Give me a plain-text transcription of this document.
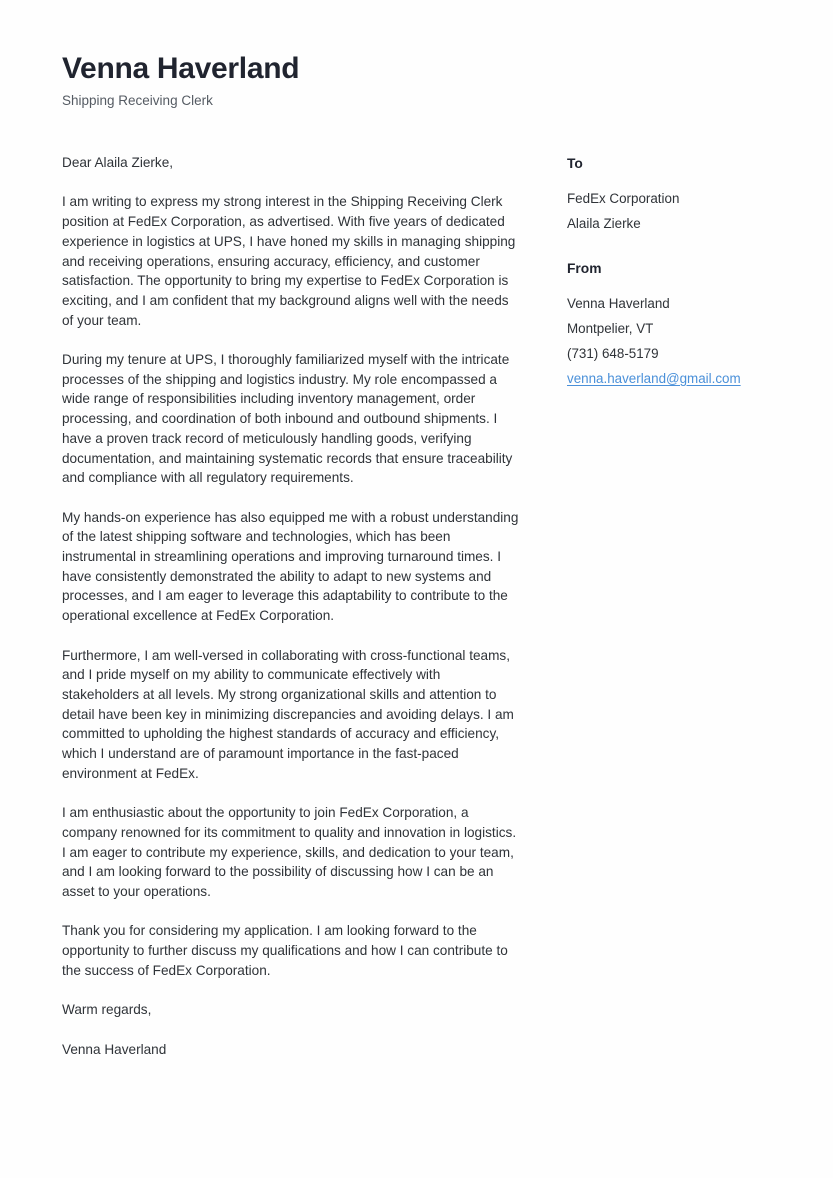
Venna Haverland

Shipping Receiving Clerk

Dear Alaila Zierke,

I am writing to express my strong interest in the Shipping Receiving Clerk position at FedEx Corporation, as advertised. With five years of dedicated experience in logistics at UPS, I have honed my skills in managing shipping and receiving operations, ensuring accuracy, efficiency, and customer satisfaction. The opportunity to bring my expertise to FedEx Corporation is exciting, and I am confident that my background aligns well with the needs of your team.

During my tenure at UPS, I thoroughly familiarized myself with the intricate processes of the shipping and logistics industry. My role encompassed a wide range of responsibilities including inventory management, order processing, and coordination of both inbound and outbound shipments. I have a proven track record of meticulously handling goods, verifying documentation, and maintaining systematic records that ensure traceability and compliance with all regulatory requirements.

My hands-on experience has also equipped me with a robust understanding of the latest shipping software and technologies, which has been instrumental in streamlining operations and improving turnaround times. I have consistently demonstrated the ability to adapt to new systems and processes, and I am eager to leverage this adaptability to contribute to the operational excellence at FedEx Corporation.

Furthermore, I am well-versed in collaborating with cross-functional teams, and I pride myself on my ability to communicate effectively with stakeholders at all levels. My strong organizational skills and attention to detail have been key in minimizing discrepancies and avoiding delays. I am committed to upholding the highest standards of accuracy and efficiency, which I understand are of paramount importance in the fast-paced environment at FedEx.

I am enthusiastic about the opportunity to join FedEx Corporation, a company renowned for its commitment to quality and innovation in logistics. I am eager to contribute my experience, skills, and dedication to your team, and I am looking forward to the possibility of discussing how I can be an asset to your operations.

Thank you for considering my application. I am looking forward to the opportunity to further discuss my qualifications and how I can contribute to the success of FedEx Corporation.

Warm regards,

Venna Haverland

To
FedEx Corporation
Alaila Zierke
From
Venna Haverland
Montpelier, VT
(731) 648-5179
venna.haverland@gmail.com
